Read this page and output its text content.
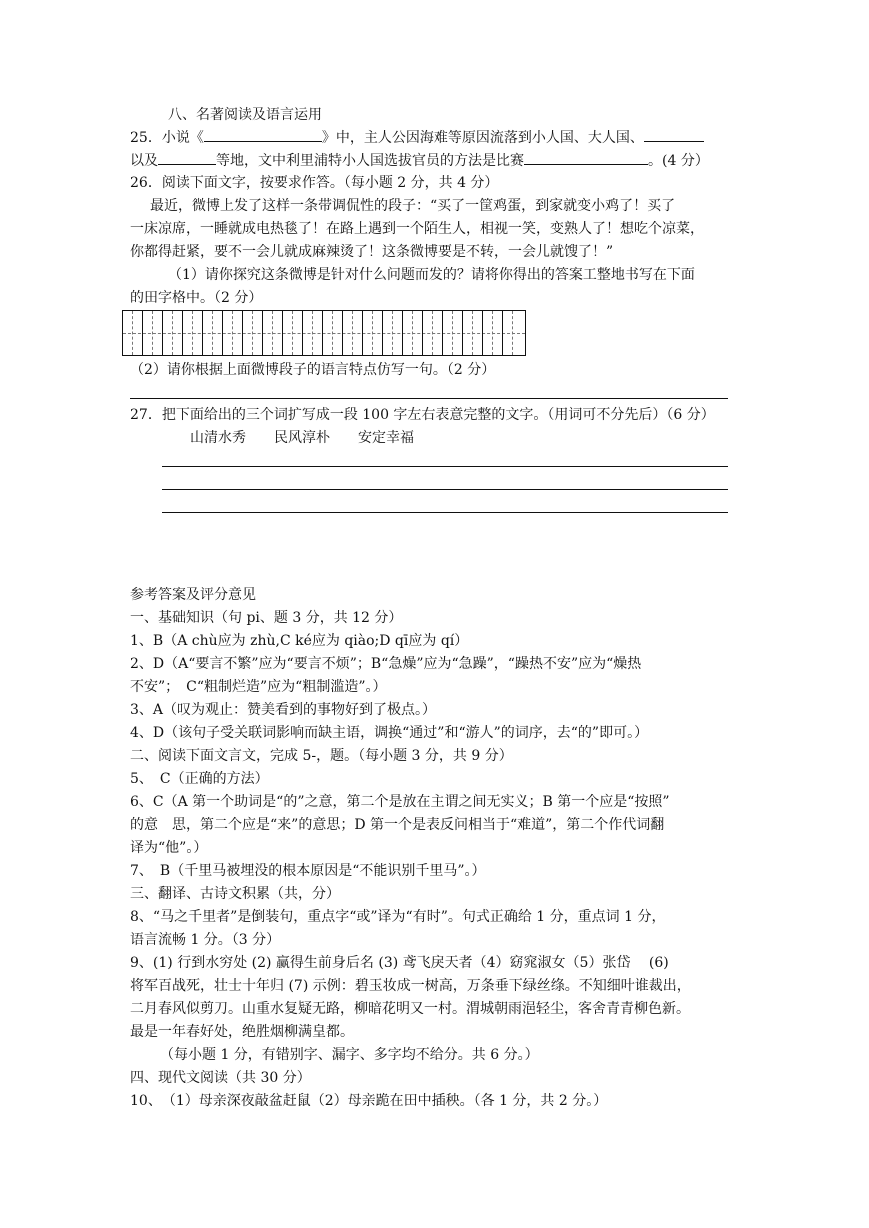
八、名著阅读及语言运用
25．小说《	》中，主人公因海难等原因流落到小人国、大人国、
以及	等地，文中利里浦特小人国选拔官员的方法是比赛	。(4 分）
26．阅读下面文字，按要求作答。（每小题 2 分，共 4 分）
最近，微博上发了这样一条带调侃性的段子：“买了一筐鸡蛋，到家就变小鸡了！买了
一床凉席，一睡就成电热毯了！在路上遇到一个陌生人，相视一笑，变熟人了！想吃个凉菜，
你都得赶紧，要不一会儿就成麻辣烫了！这条微博要是不转，一会儿就馊了！”
（1）请你探究这条微博是针对什么问题而发的？请将你得出的答案工整地书写在下面
的田字格中。（2 分）
（2）请你根据上面微博段子的语言特点仿写一句。（2 分）
27．把下面给出的三个词扩写成一段 100 字左右表意完整的文字。（用词可不分先后）（6 分）
山清水秀 民风淳朴 安定幸福
参考答案及评分意见
一、基础知识（句 pi、题 3 分，共 12 分）
1、B（A chù应为 zhù,C ké应为 qiào;D qī应为 qí）
2、D（A“要言不繁”应为“要言不烦”；B“急燥”应为“急躁”，“躁热不安”应为“燥热
不安”；　C“粗制烂造”应为“粗制滥造”。）
3、A（叹为观止：赞美看到的事物好到了极点。）
4、D（该句子受关联词影响而缺主语，调换“通过”和“游人”的词序，去“的”即可。）
二、阅读下面文言文，完成 5-，题。（每小题 3 分，共 9 分）
5、　C（正确的方法）
6、C（A 第一个助词是“的”之意，第二个是放在主谓之间无实义；B 第一个应是“按照”
的意　思，第二个应是“来”的意思；D 第一个是表反问相当于“难道”，第二个作代词翻
译为“他”。）
7、　B（千里马被埋没的根本原因是“不能识别千里马”。）
三、翻译、古诗文积累（共，分）
8、“马之千里者”是倒装句，重点字“或”译为“有时”。句式正确给 1 分，重点词 1 分，
语言流畅 1 分。（3 分）
9、(1) 行到水穷处 (2) 赢得生前身后名 (3) 鸢飞戾天者（4）窈窕淑女（5）张岱　 (6)
将军百战死，壮士十年归 (7) 示例：碧玉妆成一树高，万条垂下绿丝绦。不知细叶谁裁出，
二月春风似剪刀。山重水复疑无路，柳暗花明又一村。渭城朝雨浥轻尘，客舍青青柳色新。
最是一年春好处，绝胜烟柳满皇都。
（每小题 1 分，有错别字、漏字、多字均不给分。共 6 分。）
四、现代文阅读（共 30 分）
10、　（1）母亲深夜敲盆赶鼠（2）母亲跪在田中插秧。（各 1 分，共 2 分。）
